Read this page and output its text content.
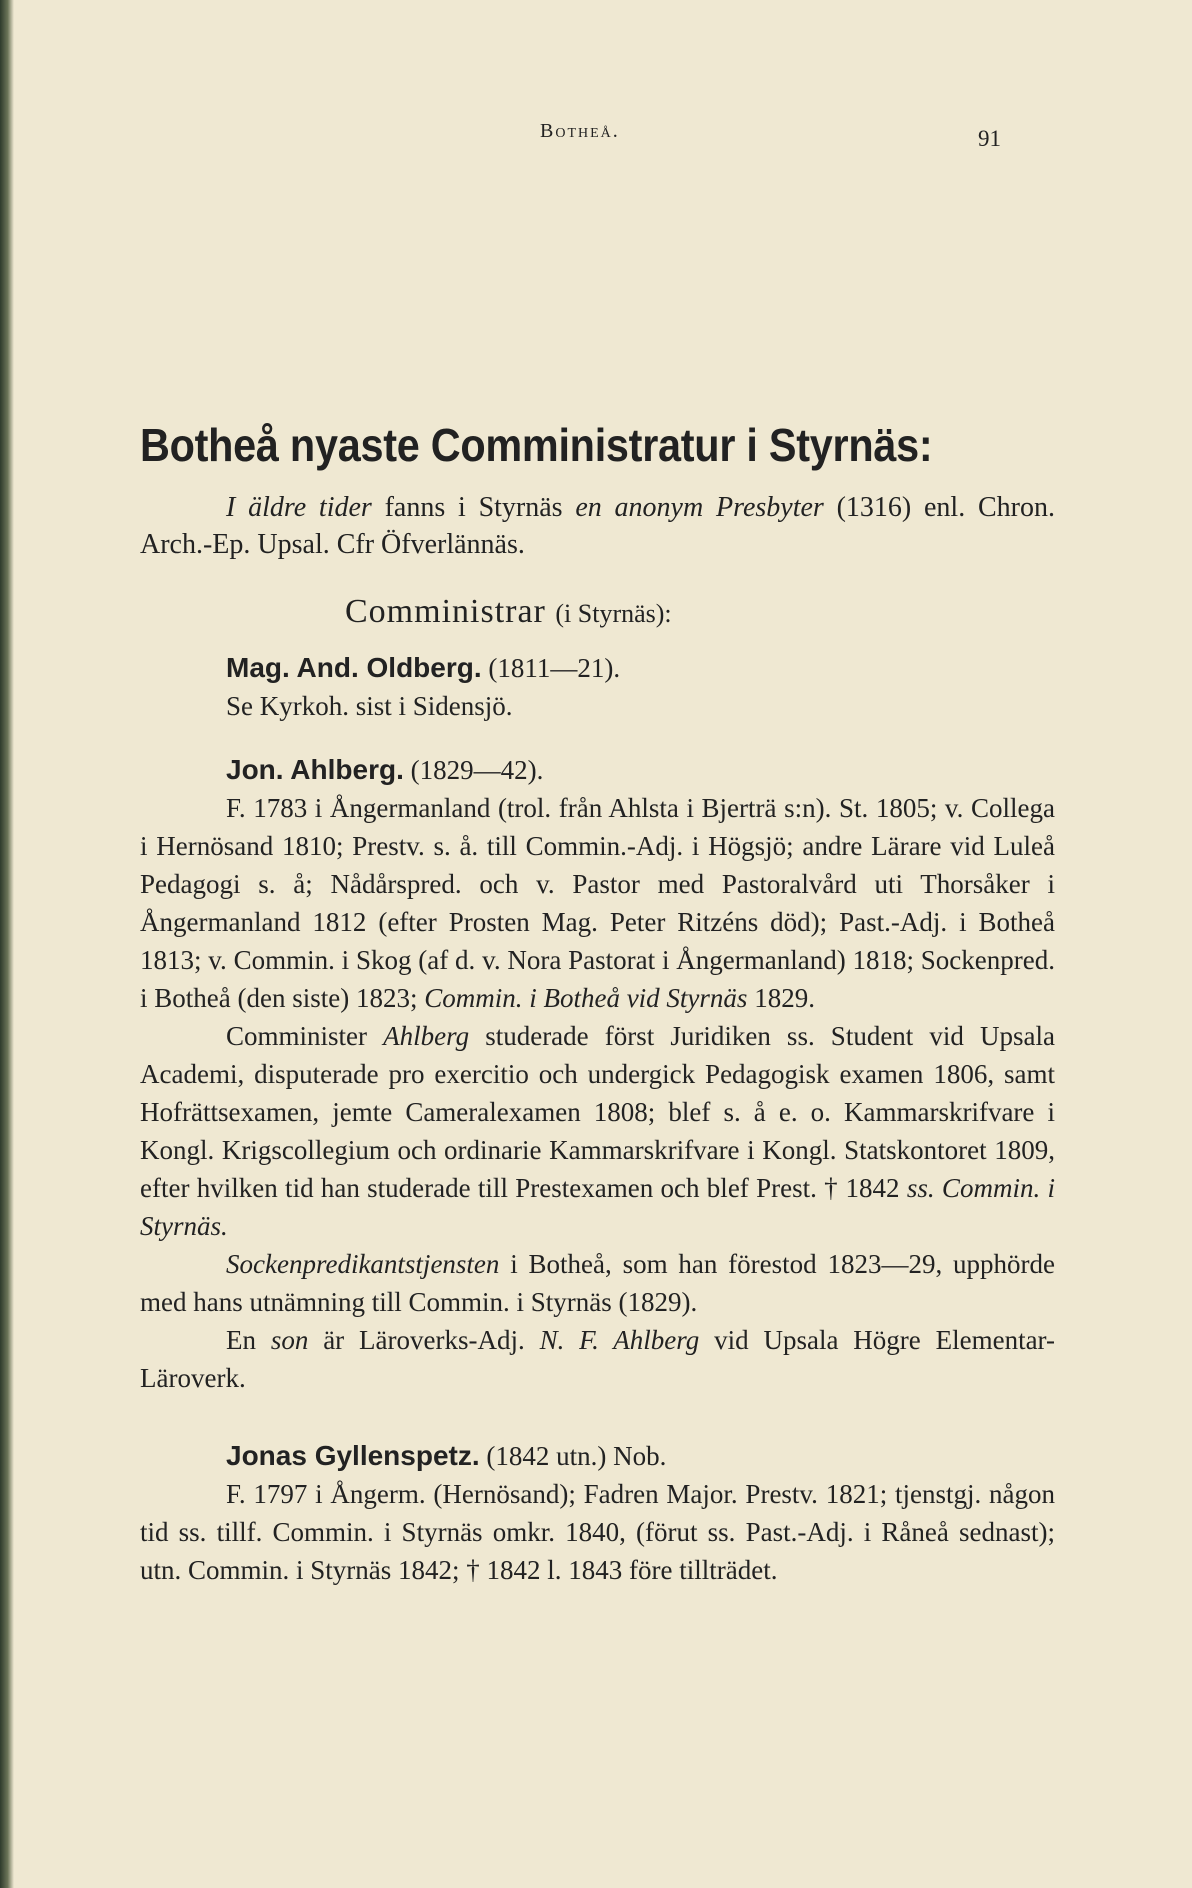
Botheå.	91
Botheå nyaste Comministratur i Styrnäs:

I äldre tider fanns i Styrnäs en anonym Presbyter (1316) enl. Chron. Arch.-Ep. Upsal. Cfr Öfverlännäs.

Comministrar (i Styrnäs):
Mag. And. Oldberg. (1811—21).

Se Kyrkoh. sist i Sidensjö.

Jon. Ahlberg. (1829—42).

F. 1783 i Ångermanland (trol. från Ahlsta i Bjerträ s:n). St. 1805; v. Collega i Hernösand 1810; Prestv. s. å. till Commin.-Adj. i Högsjö; andre Lärare vid Luleå Pedagogi s. å; Nådårspred. och v. Pastor med Pastoralvård uti Thorsåker i Ångermanland 1812 (efter Prosten Mag. Peter Ritzéns död); Past.-Adj. i Botheå 1813; v. Commin. i Skog (af d. v. Nora Pastorat i Ångermanland) 1818; Sockenpred. i Botheå (den siste) 1823; Commin. i Botheå vid Styrnäs 1829.

Comminister Ahlberg studerade först Juridiken ss. Student vid Upsala Academi, disputerade pro exercitio och undergick Pedagogisk examen 1806, samt Hofrättsexamen, jemte Cameralexamen 1808; blef s. å e. o. Kammarskrifvare i Kongl. Krigscollegium och ordinarie Kammarskrifvare i Kongl. Statskontoret 1809, efter hvilken tid han studerade till Prestexamen och blef Prest. † 1842 ss. Commin. i Styrnäs.

Sockenpredikantstjensten i Botheå, som han förestod 1823—29, upphörde med hans utnämning till Commin. i Styrnäs (1829).

En son är Läroverks-Adj. N. F. Ahlberg vid Upsala Högre Elementar-Läroverk.

Jonas Gyllenspetz. (1842 utn.) Nob.

F. 1797 i Ångerm. (Hernösand); Fadren Major. Prestv. 1821; tjenstgj. någon tid ss. tillf. Commin. i Styrnäs omkr. 1840, (förut ss. Past.-Adj. i Råneå sednast); utn. Commin. i Styrnäs 1842; † 1842 l. 1843 före tillträdet.
